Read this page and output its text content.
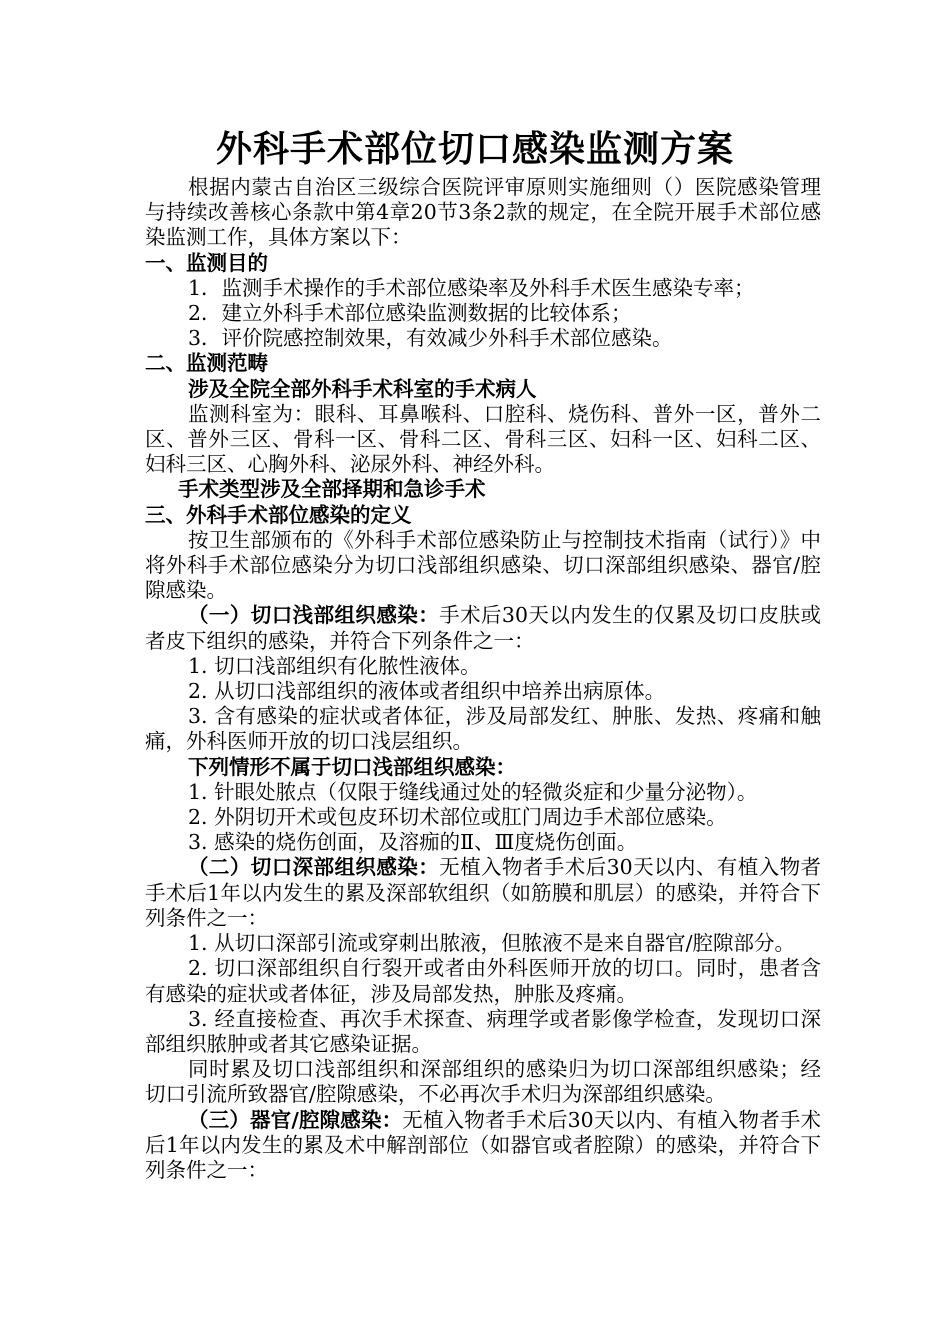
外科手术部位切口感染监测方案

根据内蒙古自治区三级综合医院评审原则实施细则（）医院感染管理与持续改善核心条款中第4章20节3条2款的规定，在全院开展手术部位感染监测工作，具体方案以下：

一、监测目的

1．监测手术操作的手术部位感染率及外科手术医生感染专率；

2．建立外科手术部位感染监测数据的比较体系；

3．评价院感控制效果，有效减少外科手术部位感染。

二、监测范畴

涉及全院全部外科手术科室的手术病人

监测科室为：眼科、耳鼻喉科、口腔科、烧伤科、普外一区，普外二区、普外三区、骨科一区、骨科二区、骨科三区、妇科一区、妇科二区、妇科三区、心胸外科、泌尿外科、神经外科。

手术类型涉及全部择期和急诊手术

三、外科手术部位感染的定义

按卫生部颁布的《外科手术部位感染防止与控制技术指南（试行）》中将外科手术部位感染分为切口浅部组织感染、切口深部组织感染、器官/腔隙感染。

（一）切口浅部组织感染：手术后30天以内发生的仅累及切口皮肤或者皮下组织的感染，并符合下列条件之一：

1. 切口浅部组织有化脓性液体。

2. 从切口浅部组织的液体或者组织中培养出病原体。

3. 含有感染的症状或者体征，涉及局部发红、肿胀、发热、疼痛和触痛，外科医师开放的切口浅层组织。

下列情形不属于切口浅部组织感染：

1. 针眼处脓点（仅限于缝线通过处的轻微炎症和少量分泌物）。

2. 外阴切开术或包皮环切术部位或肛门周边手术部位感染。

3. 感染的烧伤创面，及溶痂的Ⅱ、Ⅲ度烧伤创面。

（二）切口深部组织感染：无植入物者手术后30天以内、有植入物者手术后1年以内发生的累及深部软组织（如筋膜和肌层）的感染，并符合下列条件之一：

1. 从切口深部引流或穿刺出脓液，但脓液不是来自器官/腔隙部分。

2. 切口深部组织自行裂开或者由外科医师开放的切口。同时，患者含有感染的症状或者体征，涉及局部发热，肿胀及疼痛。

3. 经直接检查、再次手术探查、病理学或者影像学检查，发现切口深部组织脓肿或者其它感染证据。

同时累及切口浅部组织和深部组织的感染归为切口深部组织感染；经切口引流所致器官/腔隙感染，不必再次手术归为深部组织感染。

（三）器官/腔隙感染：无植入物者手术后30天以内、有植入物者手术后1年以内发生的累及术中解剖部位（如器官或者腔隙）的感染，并符合下列条件之一：
